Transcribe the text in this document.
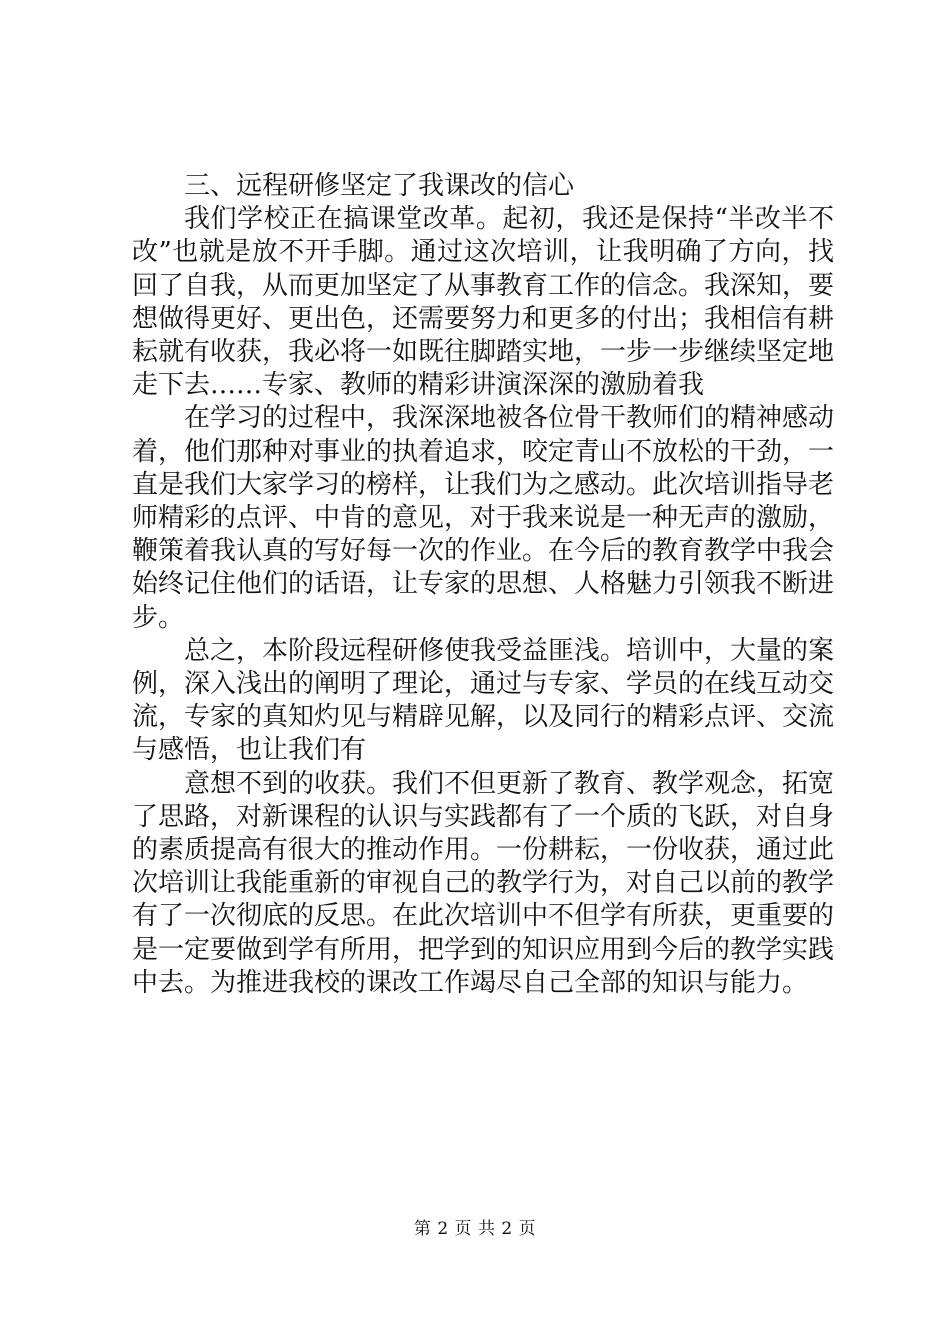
三、远程研修坚定了我课改的信心

我们学校正在搞课堂改革。起初，我还是保持“半改半不改”也就是放不开手脚。通过这次培训，让我明确了方向，找回了自我，从而更加坚定了从事教育工作的信念。我深知，要想做得更好、更出色，还需要努力和更多的付出；我相信有耕耘就有收获，我必将一如既往脚踏实地，一步一步继续坚定地走下去……专家、教师的精彩讲演深深的激励着我

在学习的过程中，我深深地被各位骨干教师们的精神感动着，他们那种对事业的执着追求，咬定青山不放松的干劲，一直是我们大家学习的榜样，让我们为之感动。此次培训指导老师精彩的点评、中肯的意见，对于我来说是一种无声的激励，鞭策着我认真的写好每一次的作业。在今后的教育教学中我会始终记住他们的话语，让专家的思想、人格魅力引领我不断进步。

总之，本阶段远程研修使我受益匪浅。培训中，大量的案例，深入浅出的阐明了理论，通过与专家、学员的在线互动交流，专家的真知灼见与精辟见解，以及同行的精彩点评、交流与感悟，也让我们有

意想不到的收获。我们不但更新了教育、教学观念，拓宽了思路，对新课程的认识与实践都有了一个质的飞跃，对自身的素质提高有很大的推动作用。一份耕耘，一份收获，通过此次培训让我能重新的审视自己的教学行为，对自己以前的教学有了一次彻底的反思。在此次培训中不但学有所获，更重要的是一定要做到学有所用，把学到的知识应用到今后的教学实践中去。为推进我校的课改工作竭尽自己全部的知识与能力。

第 2 页 共 2 页
